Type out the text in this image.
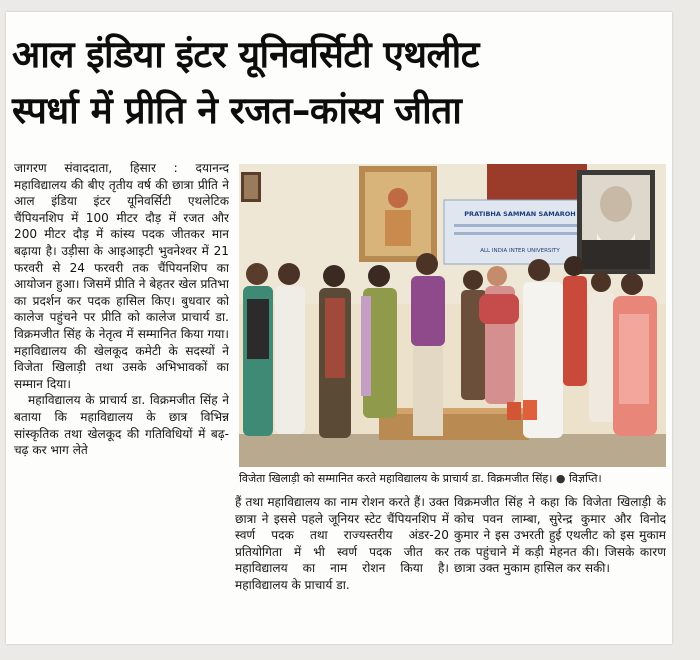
आल इंडिया इंटर यूनिवर्सिटी एथलीट
स्पर्धा में प्रीति ने रजत–कांस्य जीता

जागरण संवाददाता, हिसार : दयानन्द महाविद्यालय की बीए तृतीय वर्ष की छात्रा प्रीति ने आल इंडिया इंटर यूनिवर्सिटी एथलेटिक चैंपियनशिप में 100 मीटर दौड़ में रजत और 200 मीटर दौड़ में कांस्य पदक जीतकर मान बढ़ाया है। उड़ीसा के आइआइटी भुवनेश्वर में 21 फरवरी से 24 फरवरी तक चैंपियनशिप का आयोजन हुआ। जिसमें प्रीति ने बेहतर खेल प्रतिभा का प्रदर्शन कर पदक हासिल किए। बुधवार को कालेज पहुंचने पर प्रीति को कालेज प्राचार्य डा. विक्रमजीत सिंह के नेतृत्व में सम्मानित किया गया। महाविद्यालय की खेलकूद कमेटी के सदस्यों ने विजेता खिलाड़ी तथा उसके अभिभावकों का सम्मान दिया।

महाविद्यालय के प्राचार्य डा. विक्रमजीत सिंह ने बताया कि महाविद्यालय के छात्र विभिन्न सांस्कृतिक तथा खेलकूद की गतिविधियों में बढ़-चढ़ कर भाग लेते

PRATIBHA SAMMAN SAMAROH
ALL INDIA INTER UNIVERSITY
विजेता खिलाड़ी को सम्मानित करते महाविद्यालय के प्राचार्य डा. विक्रमजीत सिंह। ● विज्ञप्ति।

हैं तथा महाविद्यालय का नाम रोशन करते हैं। उक्त छात्रा ने इससे पहले जूनियर स्टेट चैंपियनशिप में स्वर्ण पदक तथा राज्यस्तरीय अंडर-20 प्रतियोगिता में भी स्वर्ण पदक जीत कर महाविद्यालय का नाम रोशन किया है। महाविद्यालय के प्राचार्य डा.

विक्रमजीत सिंह ने कहा कि विजेता खिलाड़ी के कोच पवन लाम्बा, सुरेन्द्र कुमार और विनोद कुमार ने इस उभरती हुई एथलीट को इस मुकाम तक पहुंचाने में कड़ी मेहनत की। जिसके कारण छात्रा उक्त मुकाम हासिल कर सकी।
